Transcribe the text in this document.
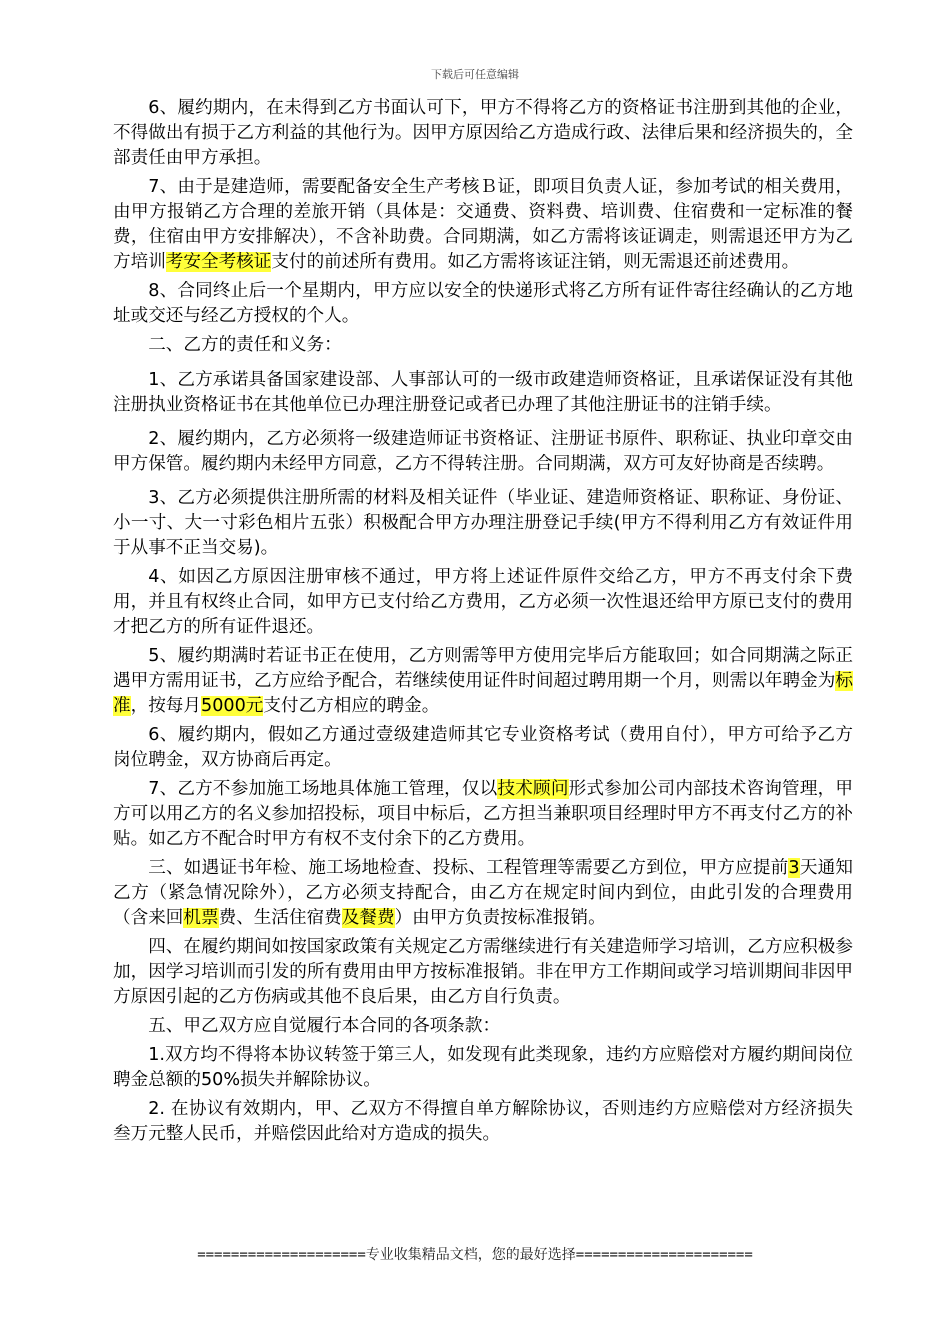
下载后可任意编辑

6、履约期内，在未得到乙方书面认可下，甲方不得将乙方的资格证书注册到其他的企业，不得做出有损于乙方利益的其他行为。因甲方原因给乙方造成行政、法律后果和经济损失的，全部责任由甲方承担。

7、由于是建造师，需要配备安全生产考核Ｂ证，即项目负责人证，参加考试的相关费用，由甲方报销乙方合理的差旅开销（具体是：交通费、资料费、培训费、住宿费和一定标准的餐费，住宿由甲方安排解决），不含补助费。合同期满，如乙方需将该证调走，则需退还甲方为乙方培训考安全考核证支付的前述所有费用。如乙方需将该证注销，则无需退还前述费用。

8、合同终止后一个星期内，甲方应以安全的快递形式将乙方所有证件寄往经确认的乙方地址或交还与经乙方授权的个人。

二、乙方的责任和义务：

1、乙方承诺具备国家建设部、人事部认可的一级市政建造师资格证，且承诺保证没有其他注册执业资格证书在其他单位已办理注册登记或者已办理了其他注册证书的注销手续。

2、履约期内，乙方必须将一级建造师证书资格证、注册证书原件、职称证、执业印章交由甲方保管。履约期内未经甲方同意，乙方不得转注册。合同期满，双方可友好协商是否续聘。

3、乙方必须提供注册所需的材料及相关证件（毕业证、建造师资格证、职称证、身份证、小一寸、大一寸彩色相片五张）积极配合甲方办理注册登记手续(甲方不得利用乙方有效证件用于从事不正当交易)。

4、如因乙方原因注册审核不通过，甲方将上述证件原件交给乙方，甲方不再支付余下费用，并且有权终止合同，如甲方已支付给乙方费用，乙方必须一次性退还给甲方原已支付的费用才把乙方的所有证件退还。

5、履约期满时若证书正在使用，乙方则需等甲方使用完毕后方能取回；如合同期满之际正遇甲方需用证书，乙方应给予配合，若继续使用证件时间超过聘用期一个月，则需以年聘金为标准，按每月5000元支付乙方相应的聘金。

6、履约期内，假如乙方通过壹级建造师其它专业资格考试（费用自付），甲方可给予乙方岗位聘金，双方协商后再定。

7、乙方不参加施工场地具体施工管理，仅以技术顾问形式参加公司内部技术咨询管理，甲方可以用乙方的名义参加招投标，项目中标后，乙方担当兼职项目经理时甲方不再支付乙方的补贴。如乙方不配合时甲方有权不支付余下的乙方费用。

三、如遇证书年检、施工场地检查、投标、工程管理等需要乙方到位，甲方应提前3天通知乙方（紧急情况除外），乙方必须支持配合，由乙方在规定时间内到位，由此引发的合理费用（含来回机票费、生活住宿费及餐费）由甲方负责按标准报销。

四、在履约期间如按国家政策有关规定乙方需继续进行有关建造师学习培训，乙方应积极参加，因学习培训而引发的所有费用由甲方按标准报销。非在甲方工作期间或学习培训期间非因甲方原因引起的乙方伤病或其他不良后果，由乙方自行负责。

五、甲乙双方应自觉履行本合同的各项条款：

1.双方均不得将本协议转签于第三人，如发现有此类现象，违约方应赔偿对方履约期间岗位聘金总额的50%损失并解除协议。

2. 在协议有效期内，甲、乙双方不得擅自单方解除协议，否则违约方应赔偿对方经济损失叁万元整人民币，并赔偿因此给对方造成的损失。

====================专业收集精品文档，您的最好选择=====================
